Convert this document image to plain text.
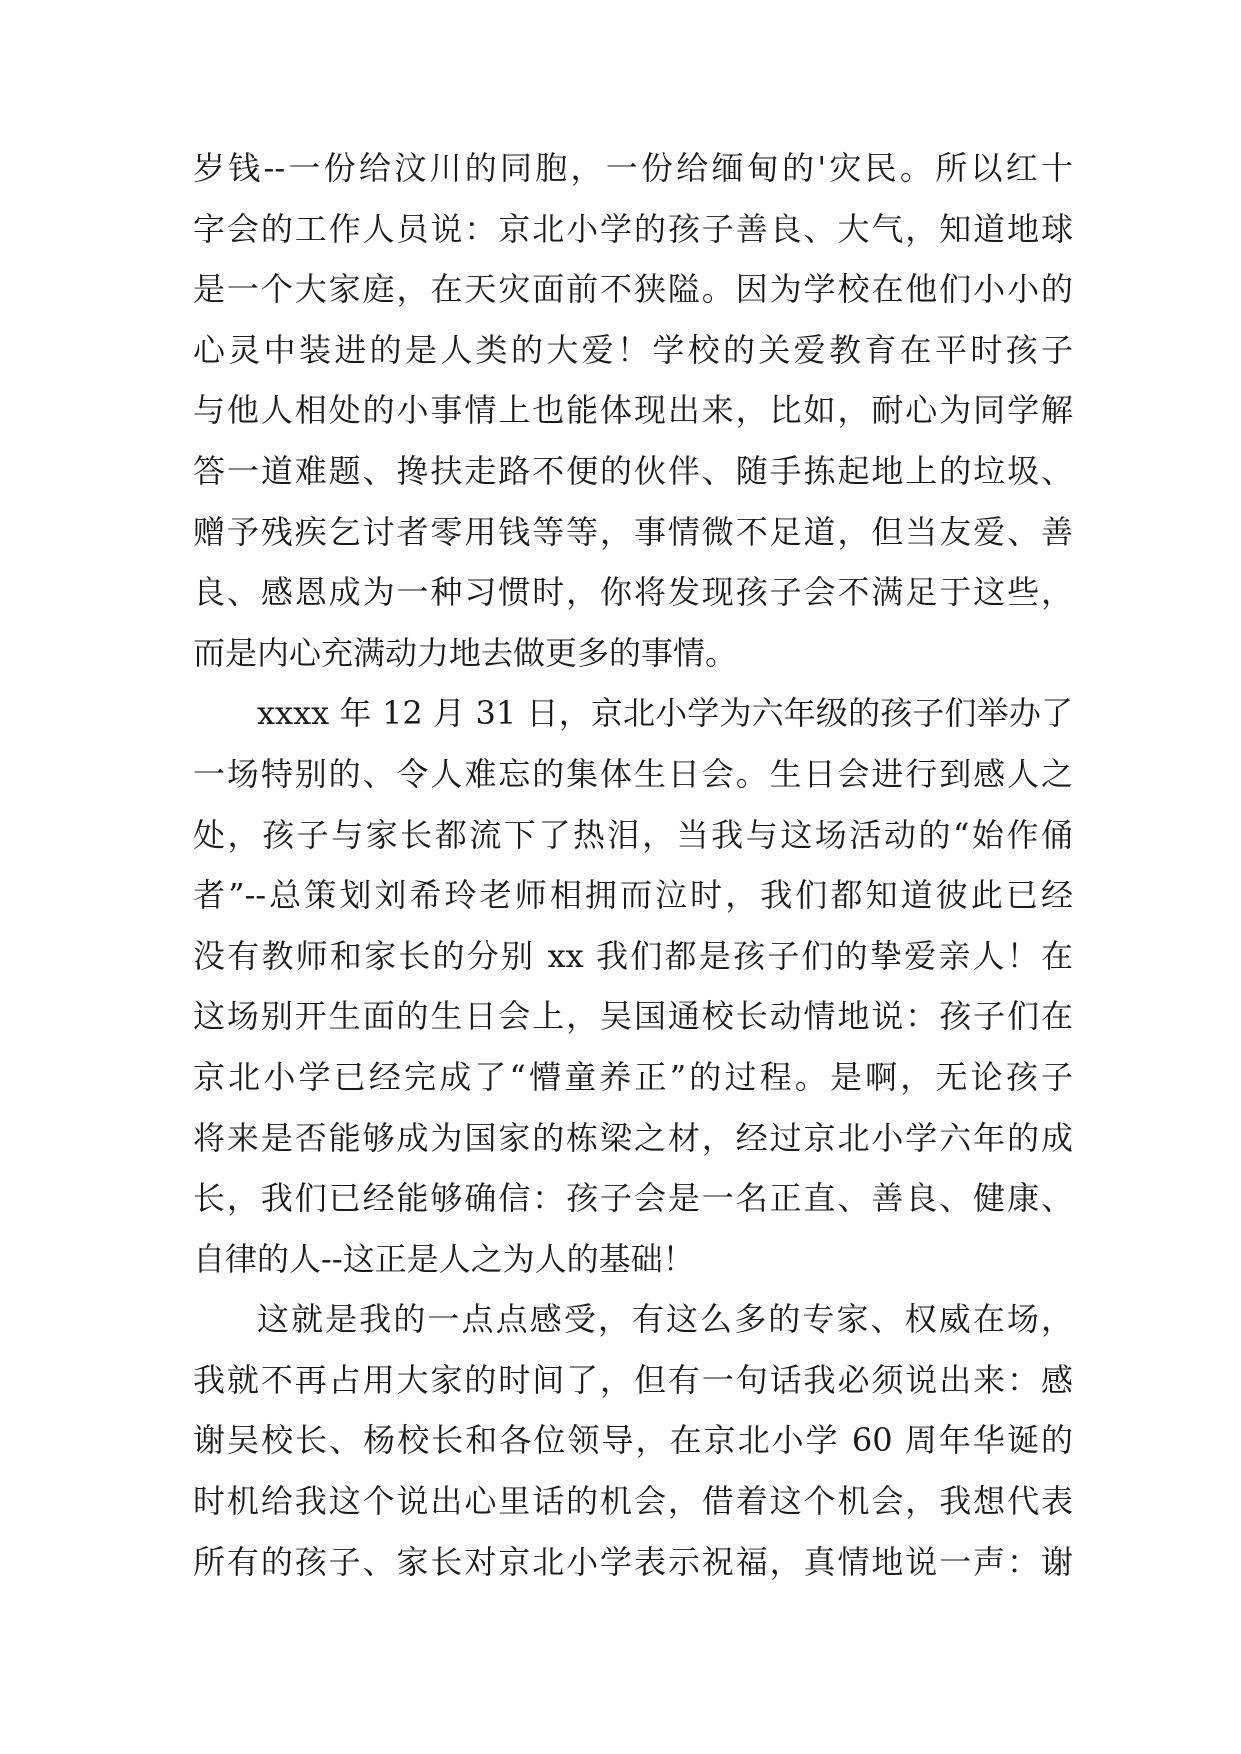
岁钱--一份给汶川的同胞，一份给缅甸的'灾民。所以红十
字会的工作人员说：京北小学的孩子善良、大气，知道地球
是一个大家庭，在天灾面前不狭隘。因为学校在他们小小的
心灵中装进的是人类的大爱！学校的关爱教育在平时孩子
与他人相处的小事情上也能体现出来，比如，耐心为同学解
答一道难题、搀扶走路不便的伙伴、随手拣起地上的垃圾、
赠予残疾乞讨者零用钱等等，事情微不足道，但当友爱、善
良、感恩成为一种习惯时，你将发现孩子会不满足于这些，
而是内心充满动力地去做更多的事情。
xxxx 年 12 月 31 日，京北小学为六年级的孩子们举办了
一场特别的、令人难忘的集体生日会。生日会进行到感人之
处，孩子与家长都流下了热泪，当我与这场活动的“始作俑
者”--总策划刘希玲老师相拥而泣时，我们都知道彼此已经
没有教师和家长的分别 xx 我们都是孩子们的挚爱亲人！在
这场别开生面的生日会上，吴国通校长动情地说：孩子们在
京北小学已经完成了“懵童养正”的过程。是啊，无论孩子
将来是否能够成为国家的栋梁之材，经过京北小学六年的成
长，我们已经能够确信：孩子会是一名正直、善良、健康、
自律的人--这正是人之为人的基础！
这就是我的一点点感受，有这么多的专家、权威在场，
我就不再占用大家的时间了，但有一句话我必须说出来：感
谢吴校长、杨校长和各位领导，在京北小学 60 周年华诞的
时机给我这个说出心里话的机会，借着这个机会，我想代表
所有的孩子、家长对京北小学表示祝福，真情地说一声：谢
